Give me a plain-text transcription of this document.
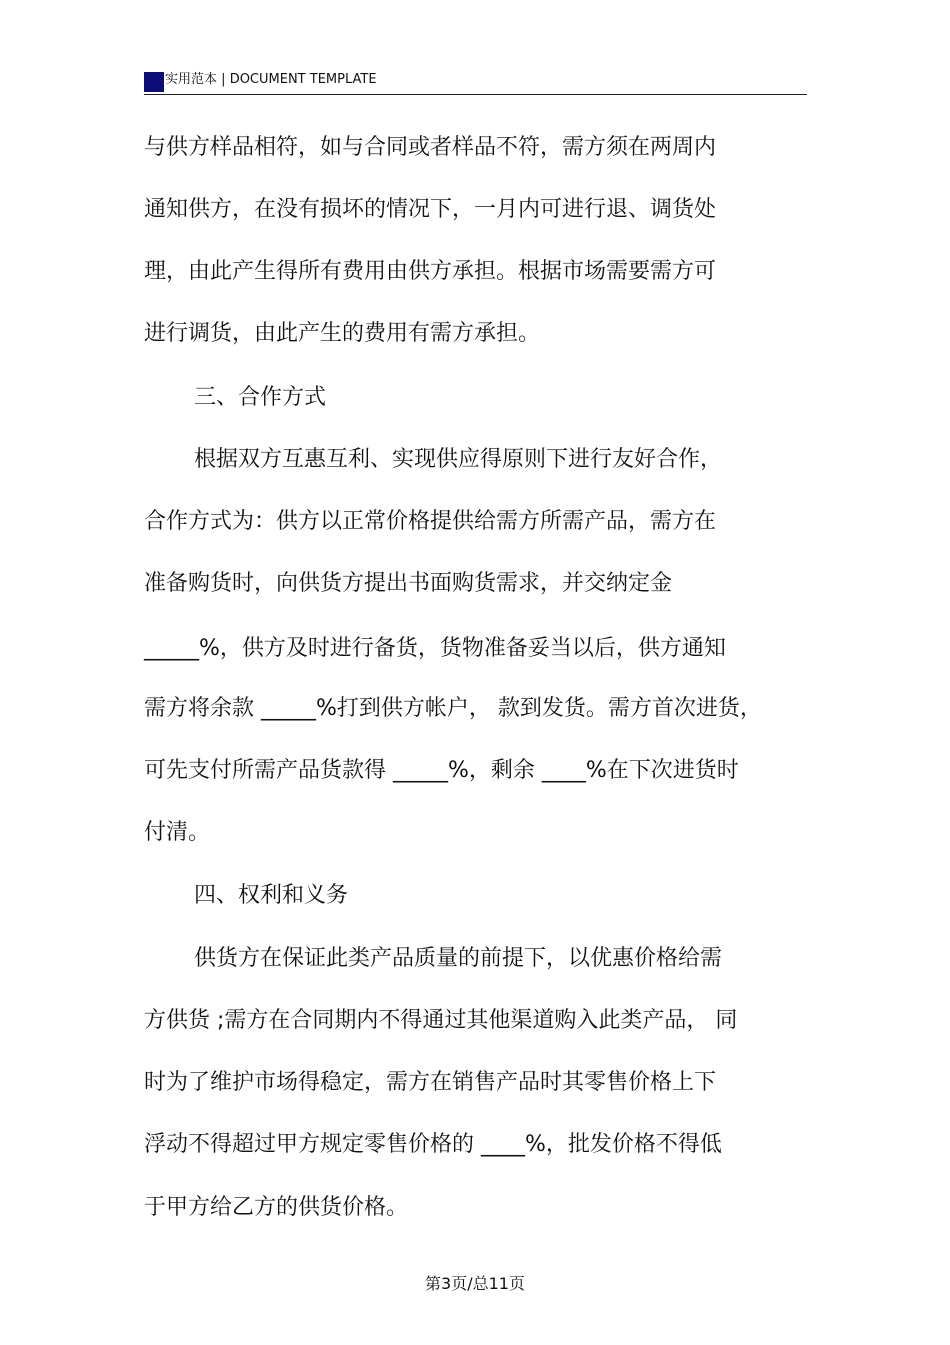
实用范本 | DOCUMENT TEMPLATE
与供方样品相符，如与合同或者样品不符，需方须在两周内
通知供方，在没有损坏的情况下，一月内可进行退、调货处
理，由此产生得所有费用由供方承担。根据市场需要需方可
进行调货，由此产生的费用有需方承担。
三、合作方式
根据双方互惠互利、实现供应得原则下进行友好合作，
合作方式为：供方以正常价格提供给需方所需产品，需方在
准备购货时，向供货方提出书面购货需求，并交纳定金
_____%，供方及时进行备货，货物准备妥当以后，供方通知
需方将余款 _____%打到供方帐户， 款到发货。需方首次进货，
可先支付所需产品货款得 _____%，剩余 ____%在下次进货时
付清。
四、权利和义务
供货方在保证此类产品质量的前提下，以优惠价格给需
方供货 ;需方在合同期内不得通过其他渠道购入此类产品， 同
时为了维护市场得稳定，需方在销售产品时其零售价格上下
浮动不得超过甲方规定零售价格的 ____%，批发价格不得低
于甲方给乙方的供货价格。
第3页/总11页
